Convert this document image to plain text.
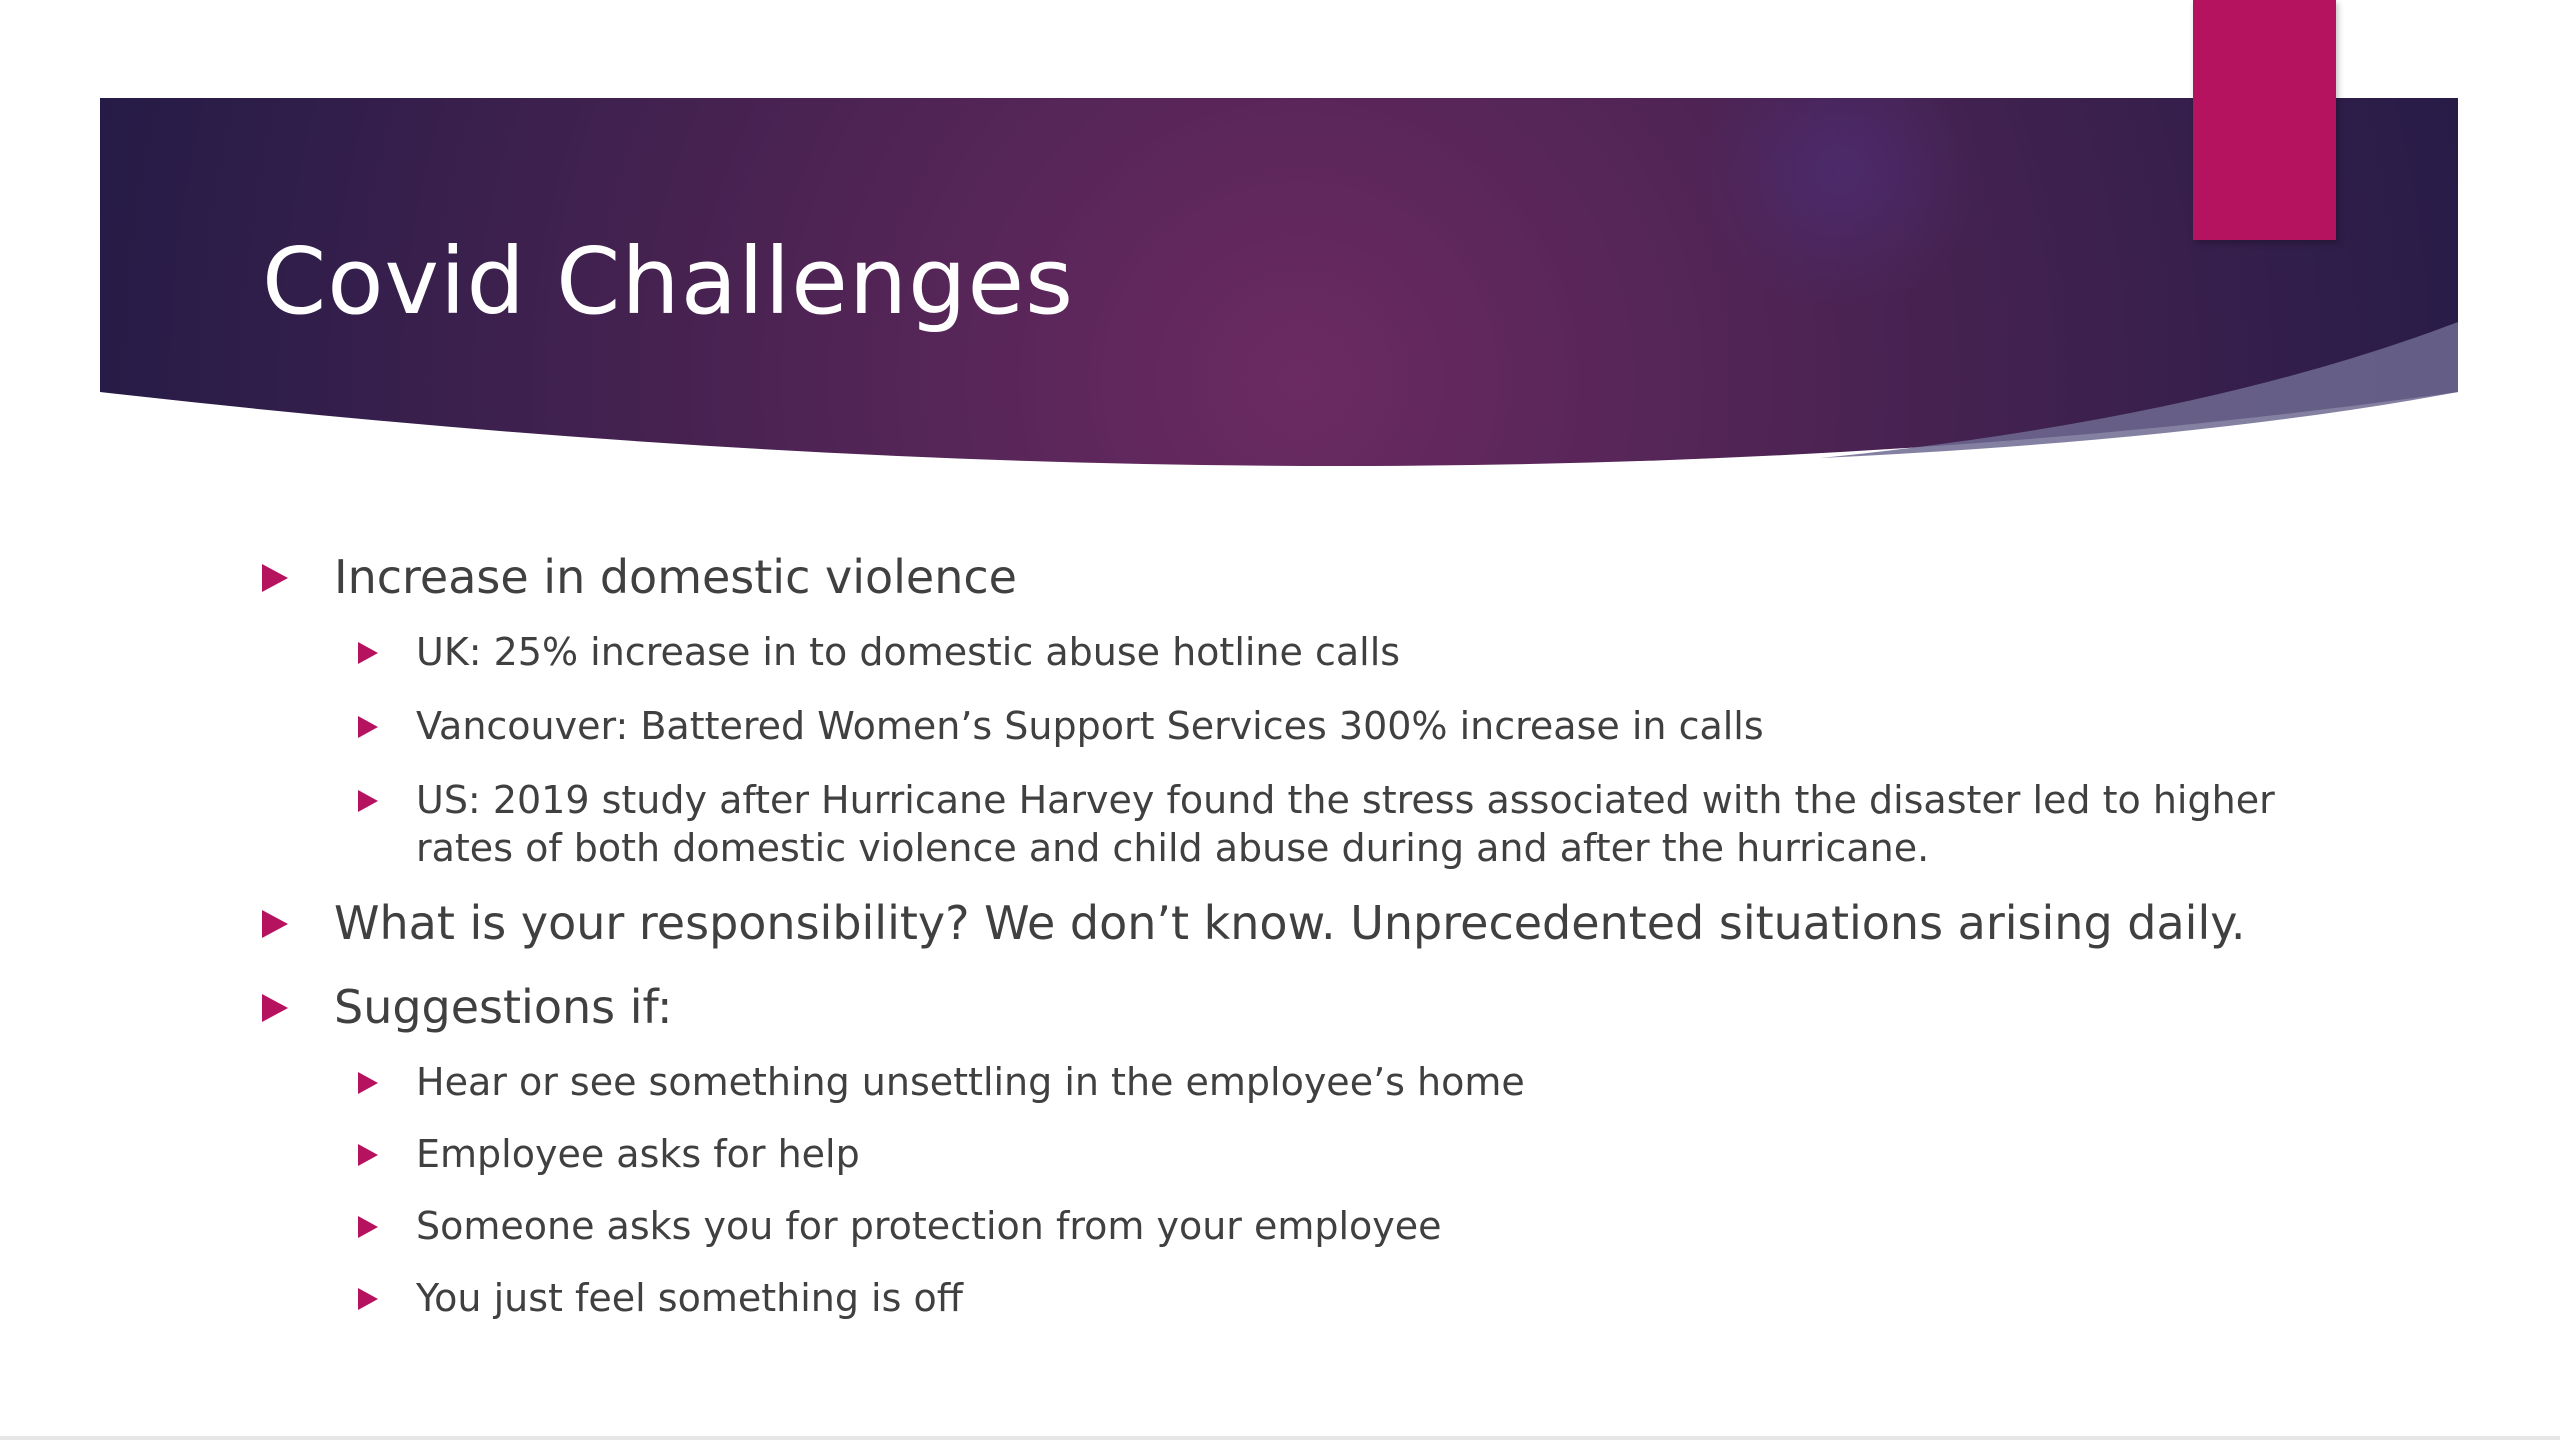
Covid Challenges
Increase in domestic violence
UK: 25% increase in to domestic abuse hotline calls
Vancouver: Battered Women’s Support Services 300% increase in calls
US: 2019 study after Hurricane Harvey found the stress associated with the disaster led to higher rates of both domestic violence and child abuse during and after the hurricane.
What is your responsibility? We don’t know. Unprecedented situations arising daily.
Suggestions if:
Hear or see something unsettling in the employee’s home
Employee asks for help
Someone asks you for protection from your employee
You just feel something is off
